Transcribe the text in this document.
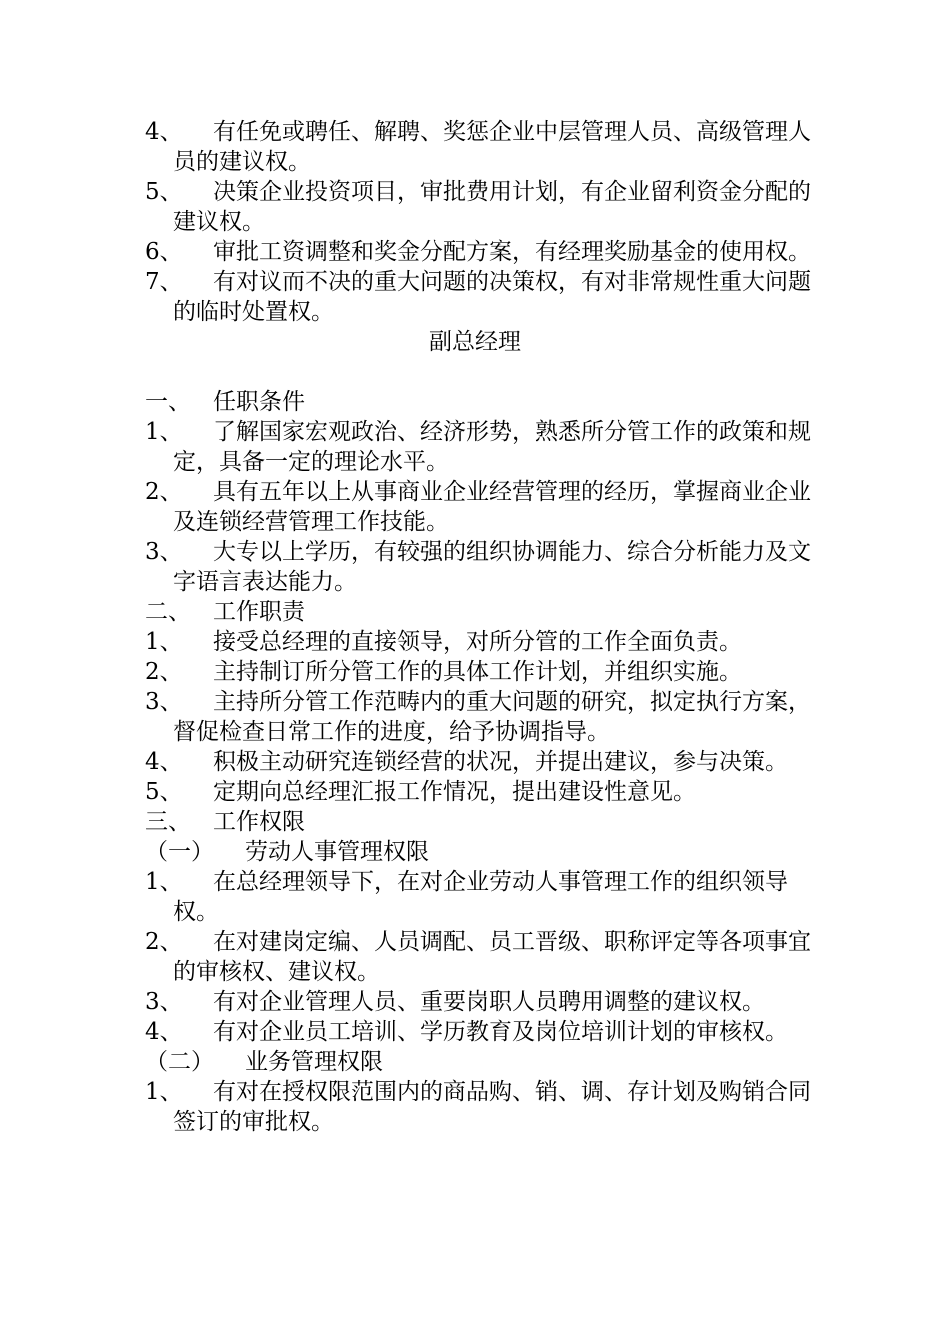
4、	有任免或聘任、解聘、奖惩企业中层管理人员、高级管理人员的建议权。
5、	决策企业投资项目，审批费用计划，有企业留利资金分配的建议权。
6、	审批工资调整和奖金分配方案，有经理奖励基金的使用权。
7、	有对议而不决的重大问题的决策权，有对非常规性重大问题的临时处置权。
副总经理
一、 任职条件
1、	了解国家宏观政治、经济形势，熟悉所分管工作的政策和规定，具备一定的理论水平。
2、	具有五年以上从事商业企业经营管理的经历，掌握商业企业及连锁经营管理工作技能。
3、	大专以上学历，有较强的组织协调能力、综合分析能力及文字语言表达能力。
二、 工作职责
1、	接受总经理的直接领导，对所分管的工作全面负责。
2、	主持制订所分管工作的具体工作计划，并组织实施。
3、	主持所分管工作范畴内的重大问题的研究，拟定执行方案，督促检查日常工作的进度，给予协调指导。
4、	积极主动研究连锁经营的状况，并提出建议，参与决策。
5、	定期向总经理汇报工作情况，提出建设性意见。
三、 工作权限
（一） 劳动人事管理权限
1、	在总经理领导下，在对企业劳动人事管理工作的组织领导权。
2、	在对建岗定编、人员调配、员工晋级、职称评定等各项事宜的审核权、建议权。
3、	有对企业管理人员、重要岗职人员聘用调整的建议权。
4、	有对企业员工培训、学历教育及岗位培训计划的审核权。
（二） 业务管理权限
1、	有对在授权限范围内的商品购、销、调、存计划及购销合同签订的审批权。
